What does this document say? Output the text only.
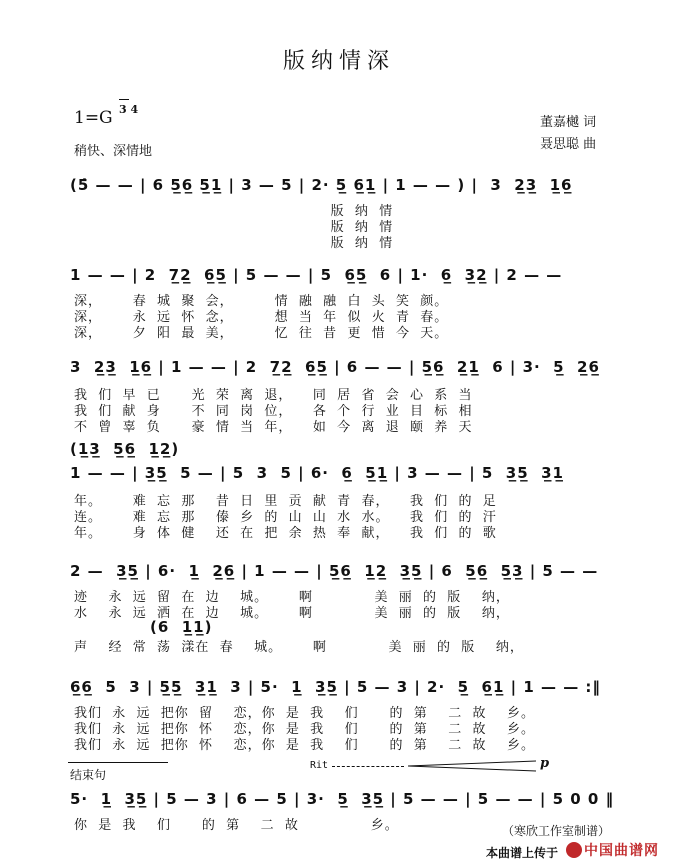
版纳情深
1=G 3 4
稍快、深情地
董嘉樾 词
聂思聪 曲
(5̇ — — | 6 5̲6̲ 5̲1̲ | 3 — 5 | 2· 5̲ 6̲1̲ | 1 — — ) |  3  2̲3̲  1̲6̲
版  纳  情
版  纳  情
版  纳  情
1 — — | 2  7̲2̲  6̲5̲ | 5 — — | 5  6̲5̲  6 | 1·  6̲  3̲2̲ | 2 — —
深，      春  城  聚  会，        情  融  融  白  头  笑  颜。
深，      永  远  怀  念，        想  当  年  似  火  青  春。
深，      夕  阳  最  美，        忆  往  昔  更  惜  今  天。
3  2̲3̲  1̲6̲ | 1 — — | 2  7̲2̲  6̲5̲ | 6 — — | 5̲6̲  2̲1̲  6 | 3·  5̲  2̲6̲
我  们  早  已      光  荣  离  退，    同  居  省  会  心  系  当
我  们  献  身      不  同  岗  位，    各  个  行  业  目  标  相
不  曾  辜  负      豪  情  当  年，    如  今  离  退  颐  养  天
(1̲3̲  5̲6̲  1̲2̲)
1 — — | 3̲5̲  5 — | 5  3  5 | 6·  6̲  5̲1̲ | 3 — — | 5  3̲5̲  3̲1̲
年。      难  忘  那    昔  日  里  贡  献  青  春，    我  们  的  足
连。      难  忘  那    傣  乡  的  山  山  水  水。    我  们  的  汗
年。      身  体  健    还  在  把  余  热  奉  献，    我  们  的  歌
2 —  3̲5̲ | 6·  1̲  2̲6̲ | 1 — — | 5̲6̲  1̲2̲  3̲5̲ | 6  5̲6̲  5̲3̲ | 5 — —
迹    永  远  留  在  边    城。      啊            美  丽  的  版    纳，
水    永  远  洒  在  边    城。      啊            美  丽  的  版    纳，
(6  1̲1̲)
声    经  常  荡  漾在  春    城。      啊            美  丽  的  版    纳，
6̲6̲  5  3 | 5̲5̲  3̲1̲  3 | 5·  1̲  3̲5̲ | 5 — 3 | 2·  5̲  6̲1̲ | 1 — — :‖
我们  永  远  把你  留    恋，你  是  我    们      的  第    二  故    乡。
我们  永  远  把你  怀    恋，你  是  我    们      的  第    二  故    乡。
我们  永  远  把你  怀    恋，你  是  我    们      的  第    二  故    乡。
结束句
Rit	p
5·  1̲  3̲5̲ | 5 — 3 | 6 — 5 | 3·  5̲  3̲5̲ | 5 — — | 5 — — | 5 0 0 ‖
你  是  我    们      的  第    二  故              乡。	（寒欣工作室制谱）
本曲谱上传于 中国曲谱网
